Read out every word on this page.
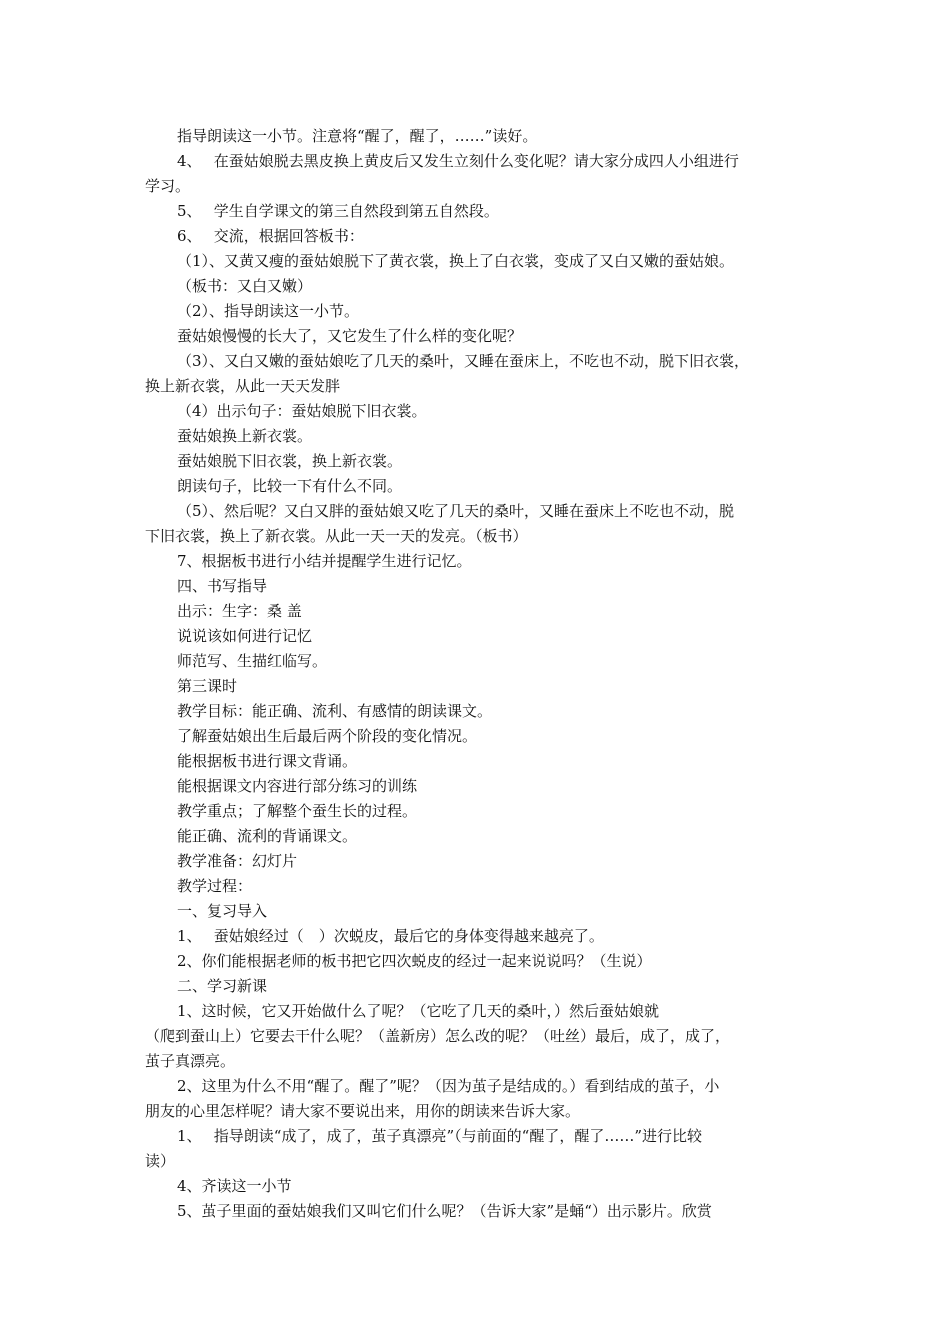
指导朗读这一小节。注意将“醒了，醒了，……”读好。
4、　 在蚕姑娘脱去黑皮换上黄皮后又发生立刻什么变化呢？请大家分成四人小组进行
学习。
5、　 学生自学课文的第三自然段到第五自然段。
6、　 交流，根据回答板书：
（1）、又黄又瘦的蚕姑娘脱下了黄衣裳，换上了白衣裳，变成了又白又嫩的蚕姑娘。
（板书：又白又嫩）
（2）、指导朗读这一小节。
蚕姑娘慢慢的长大了，又它发生了什么样的变化呢？
（3）、又白又嫩的蚕姑娘吃了几天的桑叶，又睡在蚕床上，不吃也不动，脱下旧衣裳，
换上新衣裳，从此一天天发胖
（4）出示句子：蚕姑娘脱下旧衣裳。
蚕姑娘换上新衣裳。
蚕姑娘脱下旧衣裳，换上新衣裳。
朗读句子，比较一下有什么不同。
（5）、然后呢？又白又胖的蚕姑娘又吃了几天的桑叶，又睡在蚕床上不吃也不动，脱
下旧衣裳，换上了新衣裳。从此一天一天的发亮。（板书）
7、根据板书进行小结并提醒学生进行记忆。
四、书写指导
出示：生字：桑 盖
说说该如何进行记忆
师范写、生描红临写。
第三课时
教学目标：能正确、流利、有感情的朗读课文。
了解蚕姑娘出生后最后两个阶段的变化情况。
能根据板书进行课文背诵。
能根据课文内容进行部分练习的训练
教学重点；了解整个蚕生长的过程。
能正确、流利的背诵课文。
教学准备：幻灯片
教学过程：
一、复习导入
1、　 蚕姑娘经过（　）次蜕皮，最后它的身体变得越来越亮了。
2、你们能根据老师的板书把它四次蜕皮的经过一起来说说吗？（生说）
二、学习新课
1、这时候，它又开始做什么了呢？（它吃了几天的桑叶，）然后蚕姑娘就
（爬到蚕山上）它要去干什么呢？（盖新房）怎么改的呢？（吐丝）最后，成了，成了，
茧子真漂亮。
2、这里为什么不用“醒了。醒了”呢？（因为茧子是结成的。）看到结成的茧子，小
朋友的心里怎样呢？请大家不要说出来，用你的朗读来告诉大家。
1、　 指导朗读“成了，成了，茧子真漂亮”（与前面的“醒了，醒了……”进行比较
读）
4、齐读这一小节
5、茧子里面的蚕姑娘我们又叫它们什么呢？（告诉大家”是蛹“）出示影片。欣赏
